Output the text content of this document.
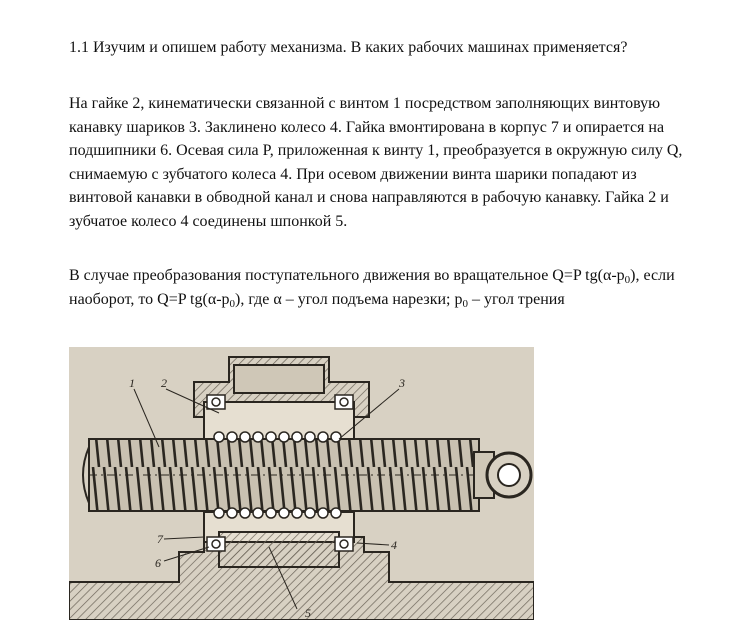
1.1 Изучим и опишем работу механизма. В каких рабочих машинах применяется?

На гайке 2, кинематически связанной с винтом 1 посредством заполняющих винтовую канавку шариков 3. Заклинено колесо 4. Гайка вмонтирована в корпус 7 и опирается на подшипники 6. Осевая сила P, приложенная к винту 1, преобразуется в окружную силу Q, снимаемую с зубчатого колеса 4. При осевом движении винта шарики попадают из винтовой канавки в обводной канал и снова направляются в рабочую канавку. Гайка 2 и зубчатое колесо 4 соединены шпонкой 5.

В случае преобразования поступательного движения во вращательное Q=P $tg(\alpha-p_0)$, если наоборот, то Q=P $tg(\alpha-p_0)$, где α – угол подъема нарезки; $p_0$ – угол трения

1 2	3
4
5
6
7
